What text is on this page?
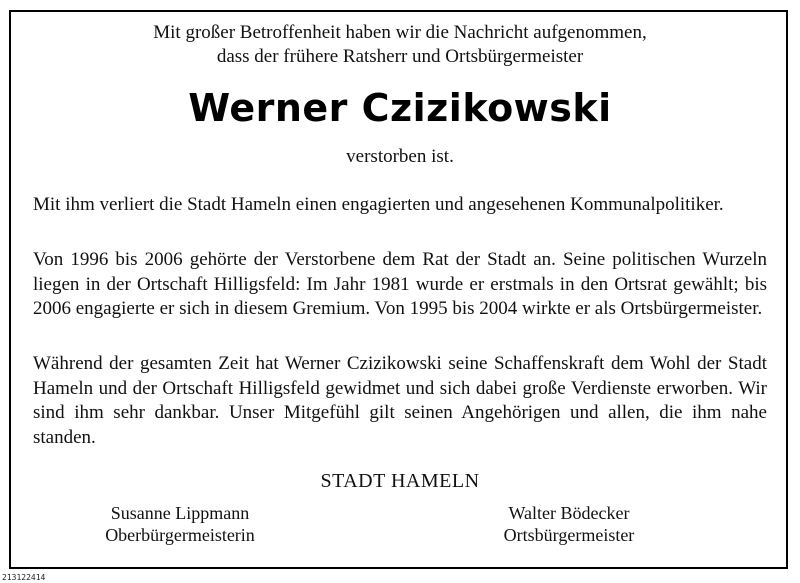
Mit großer Betroffenheit haben wir die Nachricht aufgenommen,

dass der frühere Ratsherr und Ortsbürgermeister

Werner Czizikowski

verstorben ist.

Mit ihm verliert die Stadt Hameln einen engagierten und angesehenen Kommunalpolitiker.

Von 1996 bis 2006 gehörte der Verstorbene dem Rat der Stadt an. Seine politischen Wurzeln liegen in der Ortschaft Hilligsfeld: Im Jahr 1981 wurde er erstmals in den Ortsrat gewählt; bis 2006 engagierte er sich in diesem Gremium. Von 1995 bis 2004 wirkte er als Ortsbürgermeister.

Während der gesamten Zeit hat Werner Czizikowski seine Schaffenskraft dem Wohl der Stadt Hameln und der Ortschaft Hilligsfeld gewidmet und sich dabei große Verdienste erworben. Wir sind ihm sehr dankbar. Unser Mitgefühl gilt seinen Angehörigen und allen, die ihm nahe standen.

STADT HAMELN

Susanne Lippmann
Oberbürgermeisterin
Walter Bödecker
Ortsbürgermeister

213122414
